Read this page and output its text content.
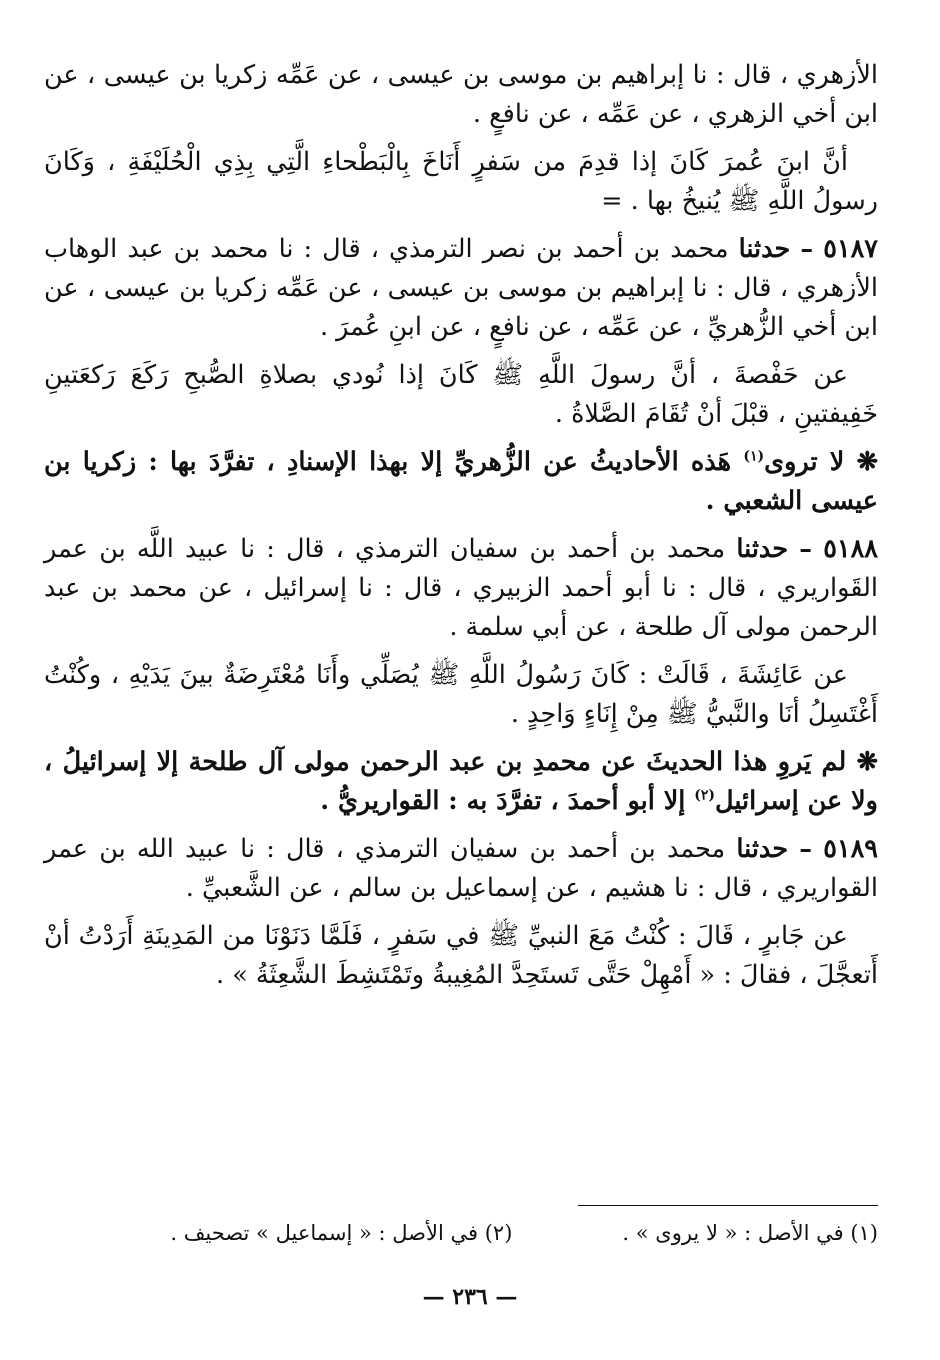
الأزهري ، قال : نا إبراهيم بن موسى بن عيسى ، عن عَمِّه زكريا بن عيسى ، عن ابن أخي الزهري ، عن عَمِّه ، عن نافعٍ .

أنَّ ابنَ عُمرَ كَانَ إذا قدِمَ من سَفرٍ أَنَاخَ بِالْبَطْحاءِ الَّتِي بِذِي الْحُلَيْفَةِ ، وَكَانَ رسولُ اللَّهِ ﷺ يُنيخُ بها . =

٥١٨٧ – حدثنا محمد بن أحمد بن نصر الترمذي ، قال : نا محمد بن عبد الوهاب الأزهري ، قال : نا إبراهيم بن موسى بن عيسى ، عن عَمِّه زكريا بن عيسى ، عن ابن أخي الزُّهريِّ ، عن عَمِّه ، عن نافعٍ ، عن ابنِ عُمرَ .

عن حَفْصةَ ، أنَّ رسولَ اللَّهِ ﷺ كَانَ إذا نُودي بصلاةِ الصُّبحِ رَكَعَ رَكعَتينِ خَفِيفتينِ ، قبْلَ أنْ تُقَامَ الصَّلاةُ .

❋ لا تروى$^{(١)}$ هَذه الأحاديثُ عن الزُّهريِّ إلا بهذا الإسنادِ ، تفرَّدَ بها : زكريا بن عيسى الشعبي .

٥١٨٨ – حدثنا محمد بن أحمد بن سفيان الترمذي ، قال : نا عبيد اللَّه بن عمر القَواريري ، قال : نا أبو أحمد الزبيري ، قال : نا إسرائيل ، عن محمد بن عبد الرحمن مولى آل طلحة ، عن أبي سلمة .

عن عَائِشَةَ ، قَالَتْ : كَانَ رَسُولُ اللَّهِ ﷺ يُصَلِّي وأَنَا مُعْتَرِضَةٌ بينَ يَدَيْهِ ، وكُنْتُ أَغْتَسِلُ أنَا والنَّبيُّ ﷺ مِنْ إِنَاءٍ وَاحِدٍ .

❋ لم يَروِ هذا الحديثَ عن محمدِ بن عبد الرحمن مولى آل طلحة إلا إسرائيلُ ، ولا عن إسرائيل$^{(٢)}$ إلا أبو أحمدَ ، تفرَّدَ به : القواريريُّ .

٥١٨٩ – حدثنا محمد بن أحمد بن سفيان الترمذي ، قال : نا عبيد الله بن عمر القواريري ، قال : نا هشيم ، عن إسماعيل بن سالم ، عن الشَّعبيِّ .

عن جَابرٍ ، قَالَ : كُنْتُ مَعَ النبيِّ ﷺ في سَفرٍ ، فَلَمَّا دَنَوْنَا من المَدِينَةِ أَرَدْتُ أنْ أَتعجَّلَ ، فقالَ : « أَمْهِلْ حَتَّى تَستَحِدَّ المُغِيبةُ وتَمْتَشِطَ الشَّعِثَةُ » .

(١) في الأصل : « لا يروى » .
(٢) في الأصل : « إسماعيل » تصحيف .
— ٢٣٦ —
